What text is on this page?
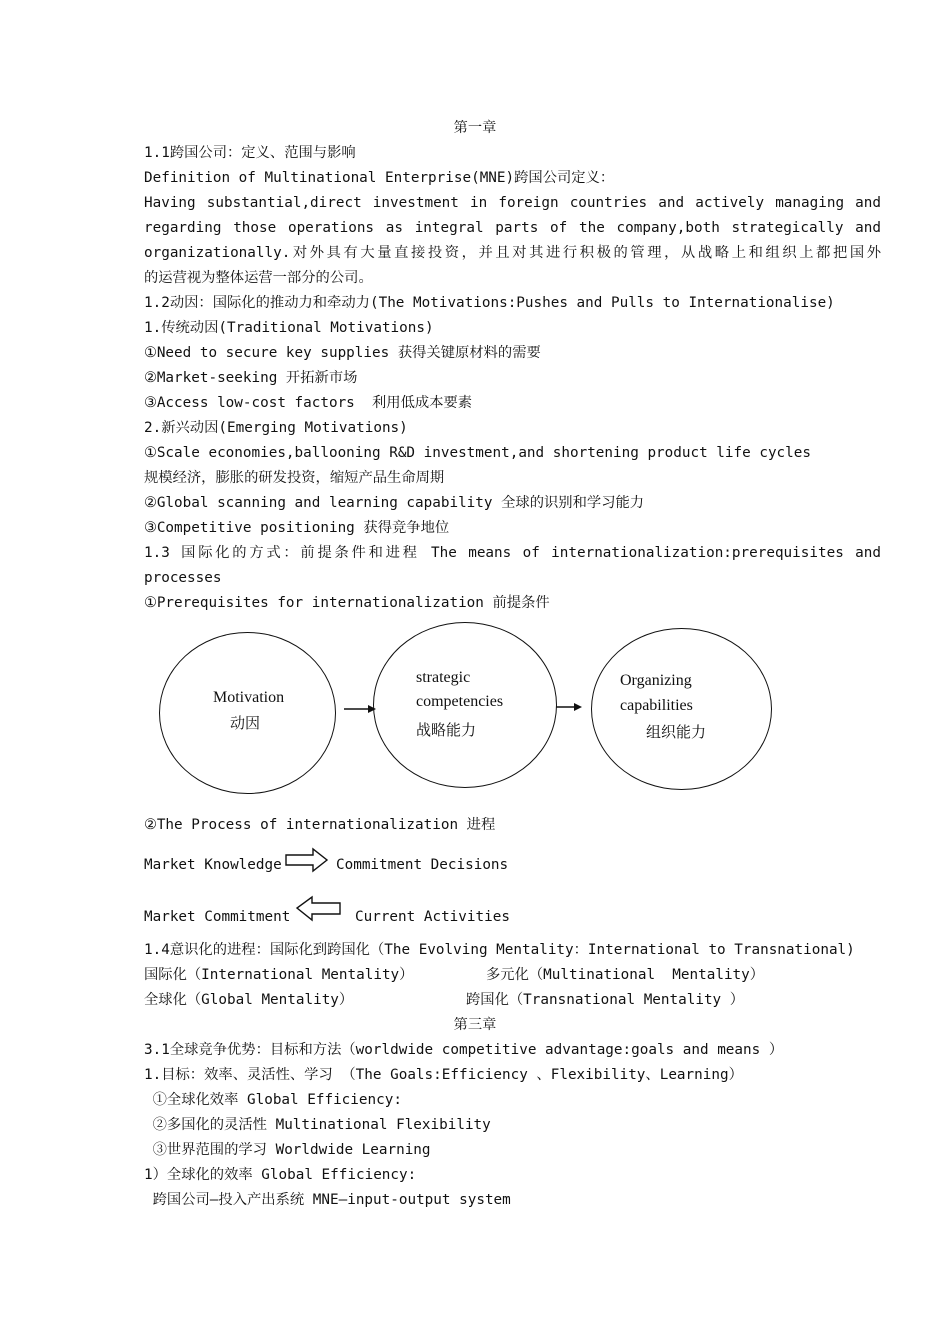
第一章
1.1跨国公司：定义、范围与影响
Definition of Multinational Enterprise(MNE)跨国公司定义：
Having substantial,direct investment in foreign countries and actively managing and
regarding those operations as integral parts of the company,both strategically and
organizationally.对外具有大量直接投资，并且对其进行积极的管理，从战略上和组织上都把国外
的运营视为整体运营一部分的公司。
1.2动因：国际化的推动力和牵动力(The Motivations:Pushes and Pulls to Internationalise)
1.传统动因(Traditional Motivations)
①Need to secure key supplies 获得关键原材料的需要
②Market-seeking 开拓新市场
③Access low-cost factors  利用低成本要素
2.新兴动因(Emerging Motivations)
①Scale economies,ballooning R&D investment,and shortening product life cycles
规模经济，膨胀的研发投资，缩短产品生命周期
②Global scanning and learning capability 全球的识别和学习能力
③Competitive positioning 获得竞争地位
1.3 国际化的方式：前提条件和进程 The means of internationalization:prerequisites and
processes
①Prerequisites for internationalization 前提条件
Motivation
动因
strategic
competencies
战略能力
Organizing
capabilities
组织能力
②The Process of internationalization 进程
Market Knowledge	Commitment Decisions
Market Commitment	Current Activities
1.4意识化的进程：国际化到跨国化（The Evolving Mentality：International to Transnational)
国际化（International Mentality）	多元化（Multinational  Mentality）
全球化（Global Mentality）	跨国化（Transnational Mentality ）
第三章
3.1全球竞争优势：目标和方法（worldwide competitive advantage:goals and means ）
1.目标：效率、灵活性、学习 （The Goals:Efficiency 、Flexibility、Learning）
①全球化效率 Global Efficiency:
②多国化的灵活性 Multinational Flexibility
③世界范围的学习 Worldwide Learning
1）全球化的效率 Global Efficiency:
跨国公司—投入产出系统 MNE—input-output system
